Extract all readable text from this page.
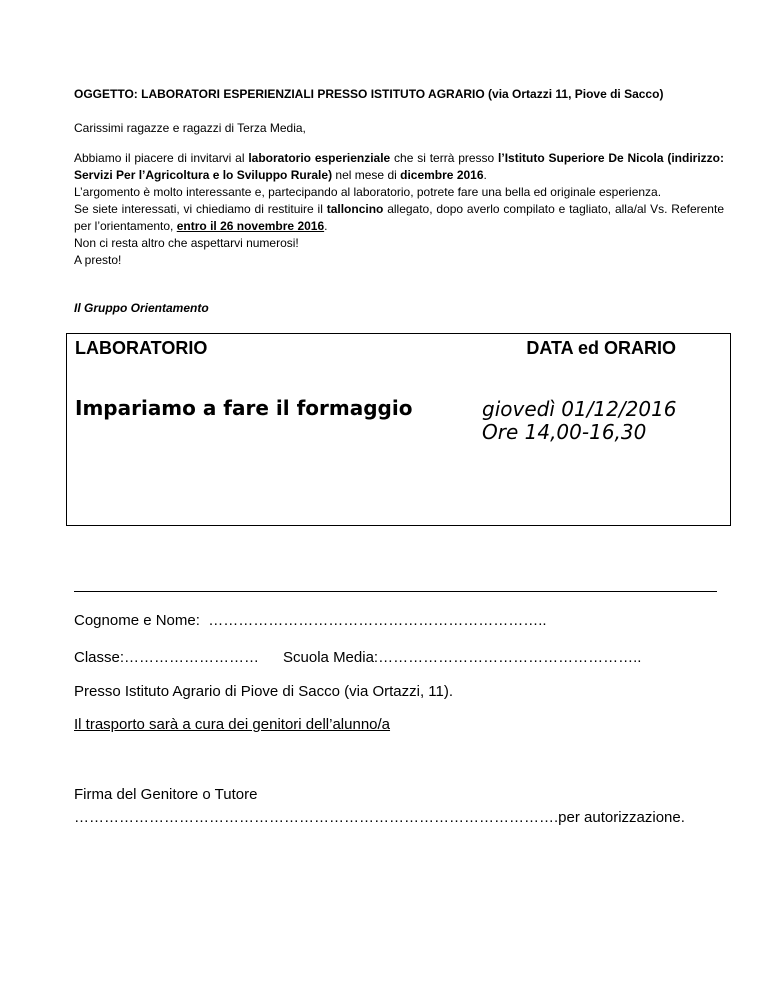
OGGETTO: LABORATORI ESPERIENZIALI PRESSO ISTITUTO AGRARIO (via Ortazzi 11, Piove di Sacco)
Carissimi ragazze e ragazzi di Terza Media,

Abbiamo il piacere di invitarvi al laboratorio esperienziale che si terrà presso l’Istituto Superiore De Nicola (indirizzo: Servizi Per l’Agricoltura e lo Sviluppo Rurale) nel mese di dicembre 2016.

L’argomento è molto interessante e, partecipando al laboratorio, potrete fare una bella ed originale esperienza.

Se siete interessati, vi chiediamo di restituire il talloncino allegato, dopo averlo compilato e tagliato, alla/al Vs. Referente per l’orientamento, entro il 26 novembre 2016.

Non ci resta altro che aspettarvi numerosi!

A presto!

Il Gruppo Orientamento
LABORATORIO	DATA ed ORARIO
Impariamo a fare il formaggio	giovedì 01/12/2016
Ore 14,00-16,30
Cognome e Nome: …………………………………………………………..
Classe:……………………… Scuola Media:……………………………………………..
Presso Istituto Agrario di Piove di Sacco (via Ortazzi, 11).
Il trasporto sarà a cura dei genitori dell’alunno/a
Firma del Genitore o Tutore
…………………………………………………………………………………….per autorizzazione.
